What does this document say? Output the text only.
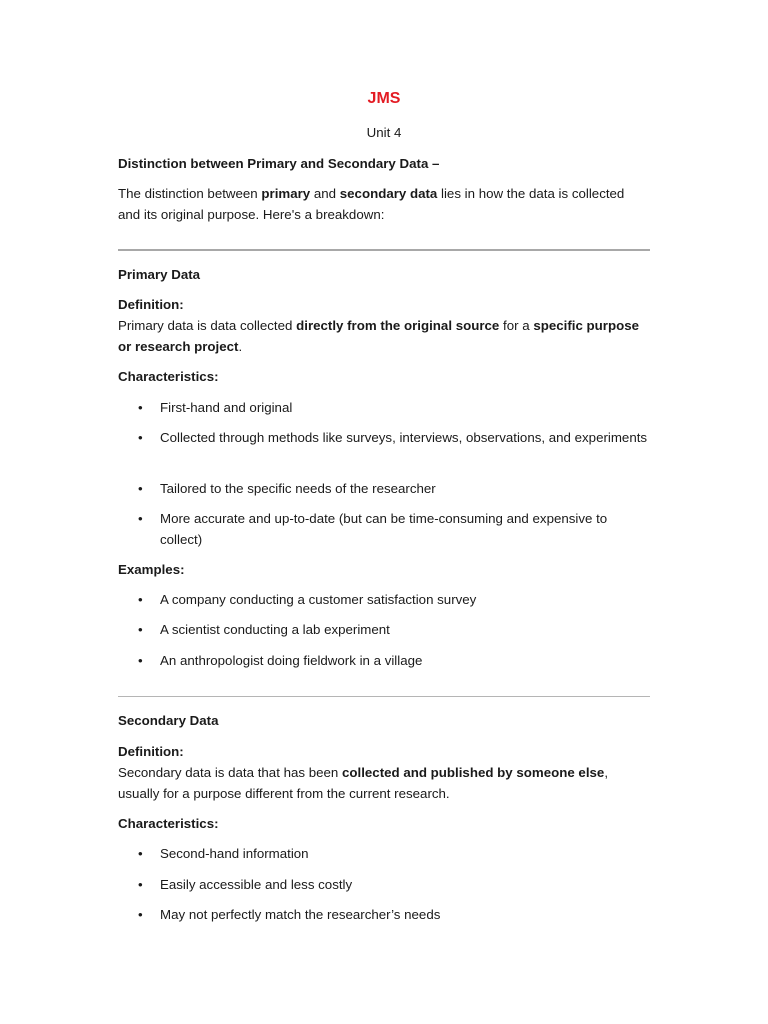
JMS
Unit 4

Distinction between Primary and Secondary Data –

The distinction between primary and secondary data lies in how the data is collected and its original purpose. Here's a breakdown:

Primary Data

Definition:

Primary data is data collected directly from the original source for a specific purpose or research project.

Characteristics:

• First-hand and original
• Collected through methods like surveys, interviews, observations, and experiments
• Tailored to the specific needs of the researcher
• More accurate and up-to-date (but can be time-consuming and expensive to collect)

Examples:

• A company conducting a customer satisfaction survey
• A scientist conducting a lab experiment
• An anthropologist doing fieldwork in a village

Secondary Data

Definition:

Secondary data is data that has been collected and published by someone else, usually for a purpose different from the current research.

Characteristics:

• Second-hand information
• Easily accessible and less costly
• May not perfectly match the researcher’s needs
